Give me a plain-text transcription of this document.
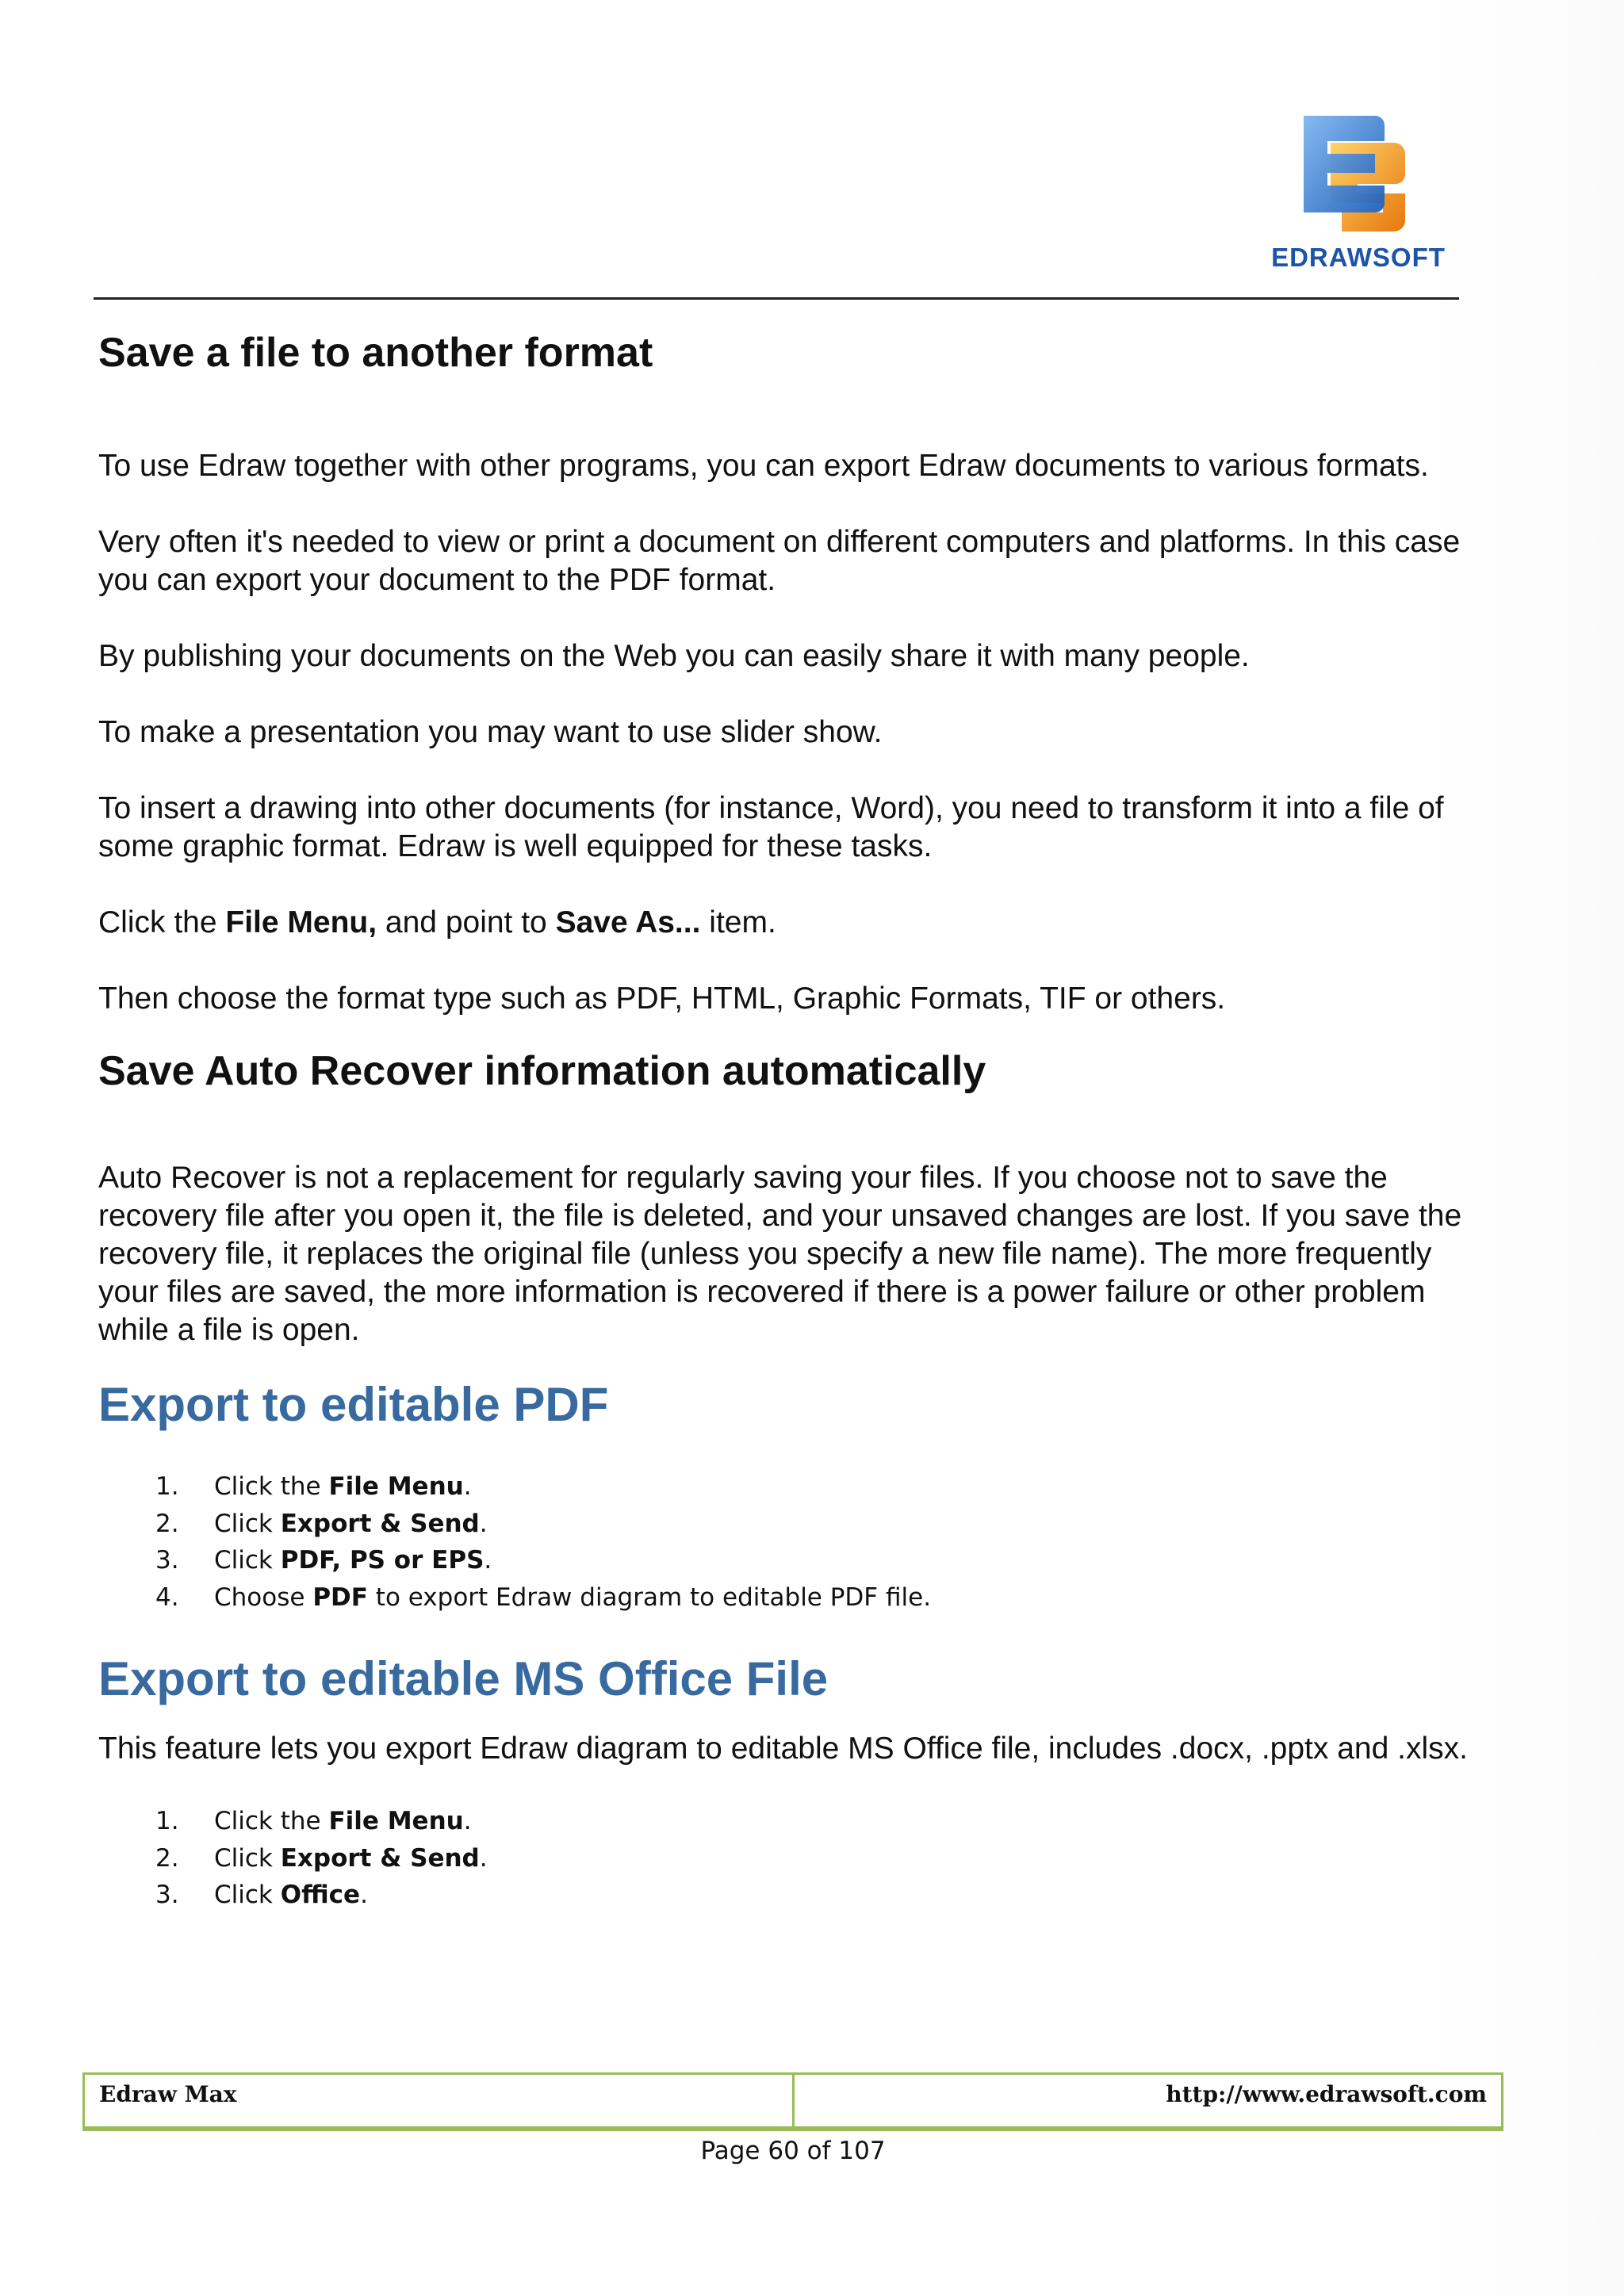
EDRAWSOFT
Save a file to another format

To use Edraw together with other programs, you can export Edraw documents to various formats.

Very often it's needed to view or print a document on different computers and platforms. In this case you can export your document to the PDF format.

By publishing your documents on the Web you can easily share it with many people.

To make a presentation you may want to use slider show.

To insert a drawing into other documents (for instance, Word), you need to transform it into a file of some graphic format. Edraw is well equipped for these tasks.

Click the File Menu, and point to Save As... item.

Then choose the format type such as PDF, HTML, Graphic Formats, TIF or others.

Save Auto Recover information automatically

Auto Recover is not a replacement for regularly saving your files. If you choose not to save the recovery file after you open it, the file is deleted, and your unsaved changes are lost. If you save the recovery file, it replaces the original file (unless you specify a new file name). The more frequently your files are saved, the more information is recovered if there is a power failure or other problem while a file is open.

Export to editable PDF
1. Click the File Menu.
2. Click Export & Send.
3. Click PDF, PS or EPS.
4. Choose PDF to export Edraw diagram to editable PDF file.
Export to editable MS Office File

This feature lets you export Edraw diagram to editable MS Office file, includes .docx, .pptx and .xlsx.

1. Click the File Menu.
2. Click Export & Send.
3. Click Office.
Edraw Max	http://www.edrawsoft.com
Page 60 of 107
